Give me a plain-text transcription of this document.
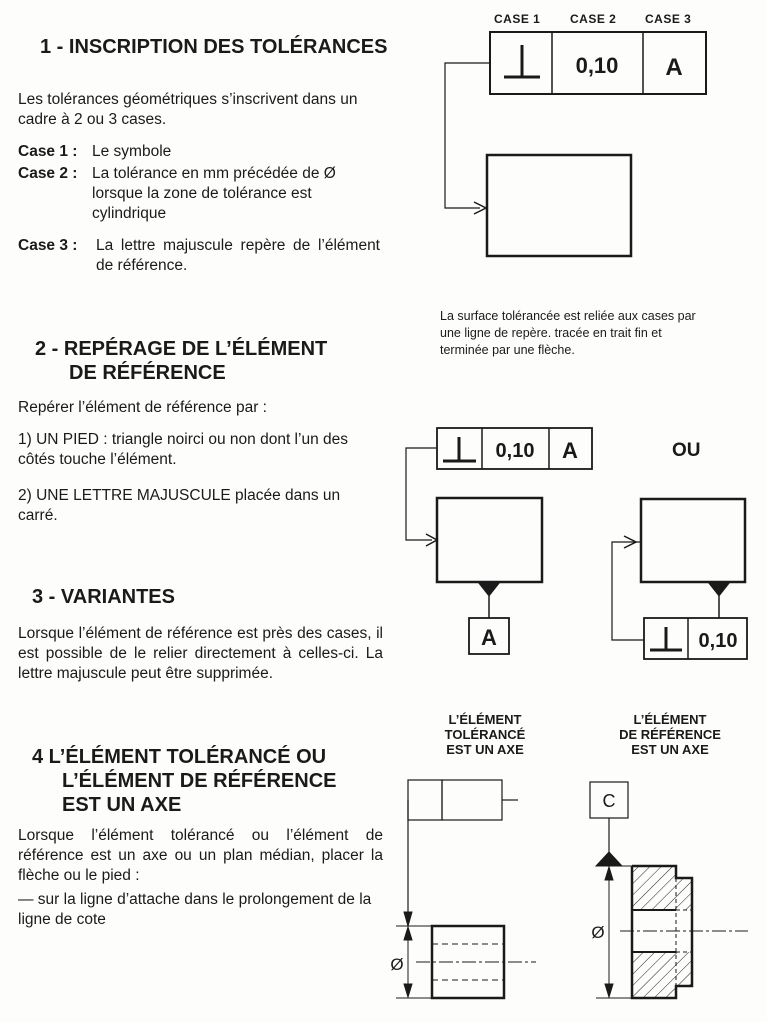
1 - INSCRIPTION DES TOLÉRANCES
Les tolérances géométriques s’inscrivent dans un cadre à 2 ou 3 cases.
Case 1 : Le symbole
Case 2 : La tolérance en mm précédée de Ø lorsque la zone de tolérance est cylindrique
Case 3 :	La lettre majuscule repère de l’élément de référence.
2 - REPÉRAGE DE L’ÉLÉMENT
DE RÉFÉRENCE
Repérer l’élément de référence par :
1) UN PIED : triangle noirci ou non dont l’un des côtés touche l’élément.
2) UNE LETTRE MAJUSCULE placée dans un carré.
3 - VARIANTES
Lorsque l’élément de référence est près des cases, il est possible de le relier directement à celles-ci. La lettre majuscule peut être supprimée.
4 L’ÉLÉMENT TOLÉRANCÉ OU
L’ÉLÉMENT DE RÉFÉRENCE
EST UN AXE
Lorsque l’élément tolérancé ou l’élément de référence est un axe ou un plan médian, placer la flèche ou le pied :
— sur la ligne d’attache dans le prolongement de la ligne de cote
CASE 1 CASE 2 CASE 3
La surface tolérancée est reliée aux cases par une ligne de repère. tracée en trait fin et terminée par une flèche.
OU
L’ÉLÉMENT
TOLÉRANCÉ
EST UN AXE
L’ÉLÉMENT
DE RÉFÉRENCE
EST UN AXE
0,10 A
0,10 A
A	0,10
Ø
C
Ø
